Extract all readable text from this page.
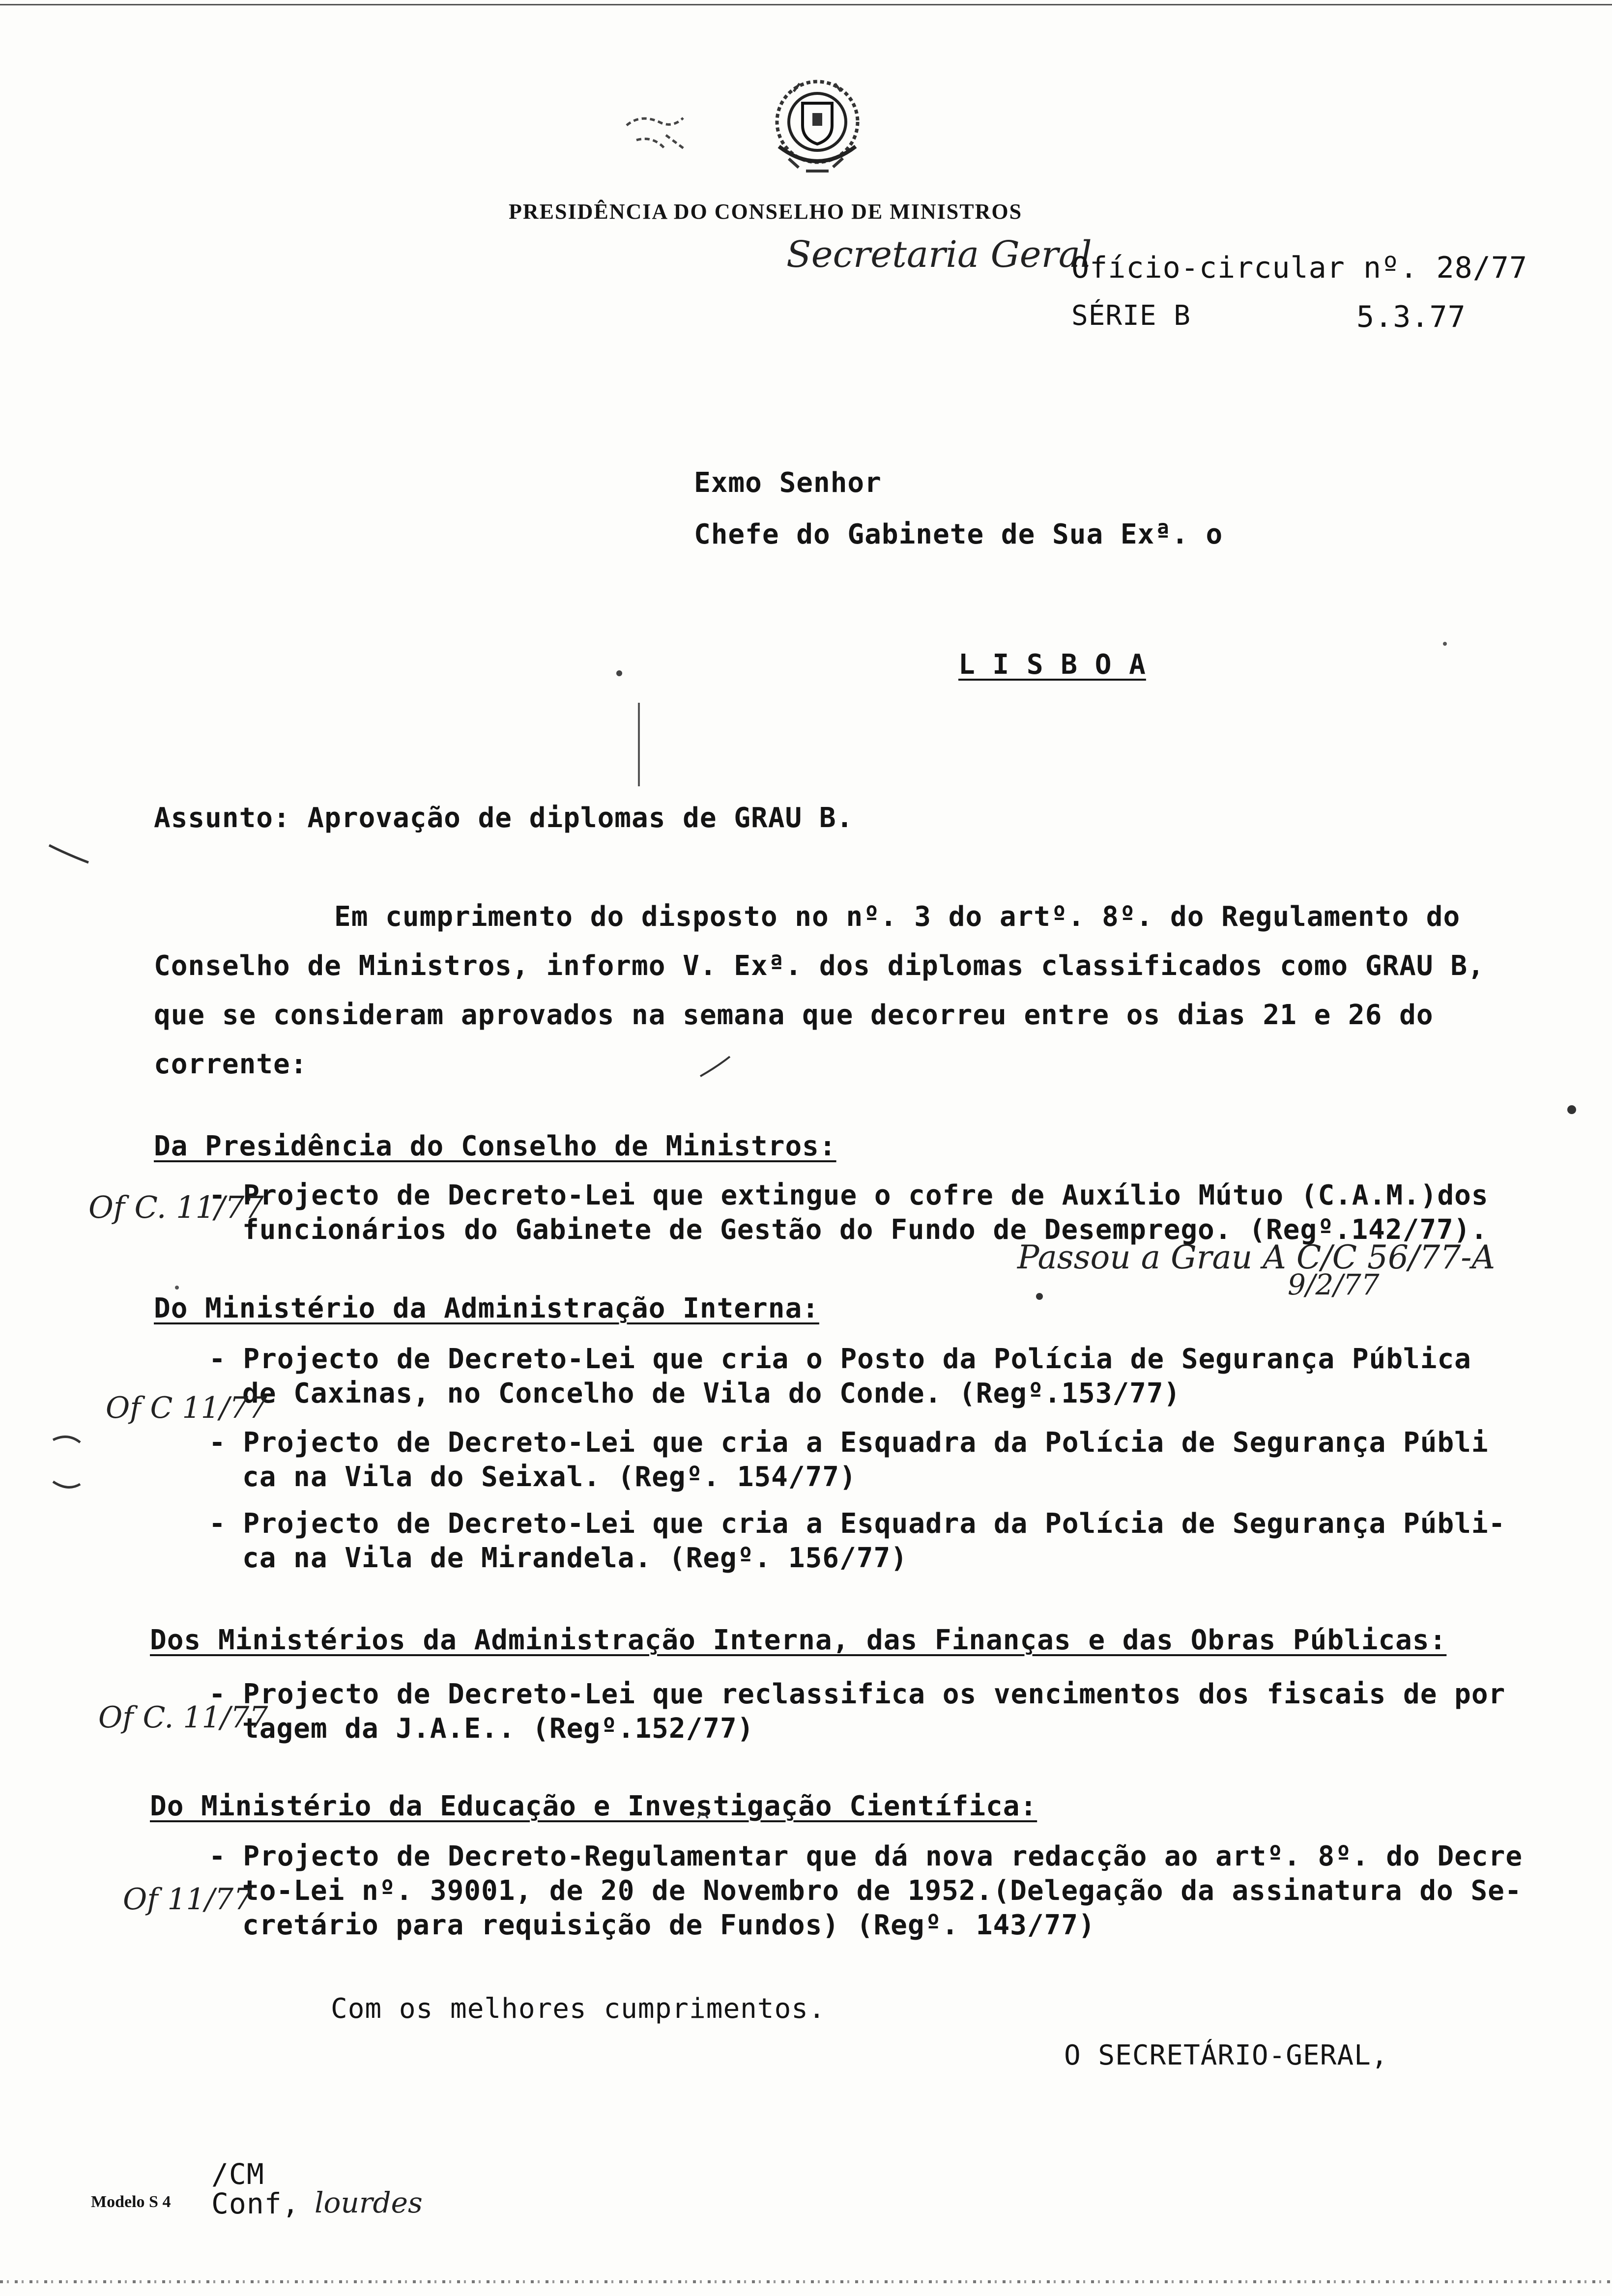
PRESIDÊNCIA DO CONSELHO DE MINISTROS
Secretaria Geral
Ofício-circular nº. 28/77
SÉRIE B	5.3.77
Exmo Senhor
Chefe do Gabinete de Sua Exª. o
L I S B O A
Assunto: Aprovação de diplomas de GRAU B.
Em cumprimento do disposto no nº. 3 do artº. 8º. do Regulamento do
Conselho de Ministros, informo V. Exª. dos diplomas classificados como GRAU B,
que se consideram aprovados na semana que decorreu entre os dias 21 e 26 do
corrente:
Da Presidência do Conselho de Ministros:
- Projecto de Decreto-Lei que extingue o cofre de Auxílio Mútuo (C.A.M.)dos
funcionários do Gabinete de Gestão do Fundo de Desemprego. (Regº.142/77).
Do Ministério da Administração Interna:
- Projecto de Decreto-Lei que cria o Posto da Polícia de Segurança Pública
de Caxinas, no Concelho de Vila do Conde. (Regº.153/77)
- Projecto de Decreto-Lei que cria a Esquadra da Polícia de Segurança Públi
ca na Vila do Seixal. (Regº. 154/77)
- Projecto de Decreto-Lei que cria a Esquadra da Polícia de Segurança Públi-
ca na Vila de Mirandela. (Regº. 156/77)
Dos Ministérios da Administração Interna, das Finanças e das Obras Públicas:
- Projecto de Decreto-Lei que reclassifica os vencimentos dos fiscais de por
tagem da J.A.E.. (Regº.152/77)
Do Ministério da Educação e Investigação Científica:
- Projecto de Decreto-Regulamentar que dá nova redacção ao artº. 8º. do Decre
to-Lei nº. 39001, de 20 de Novembro de 1952.(Delegação da assinatura do Se-
cretário para requisição de Fundos) (Regº. 143/77)
Com os melhores cumprimentos.
O SECRETÁRIO-GERAL,
/CM
Modelo S 4 Conf, lourdes
Of C. 11/77
Passou a Grau A C/C 56/77-A
9/2/77
Of C 11/77
Of C. 11/77
Of 11/77
